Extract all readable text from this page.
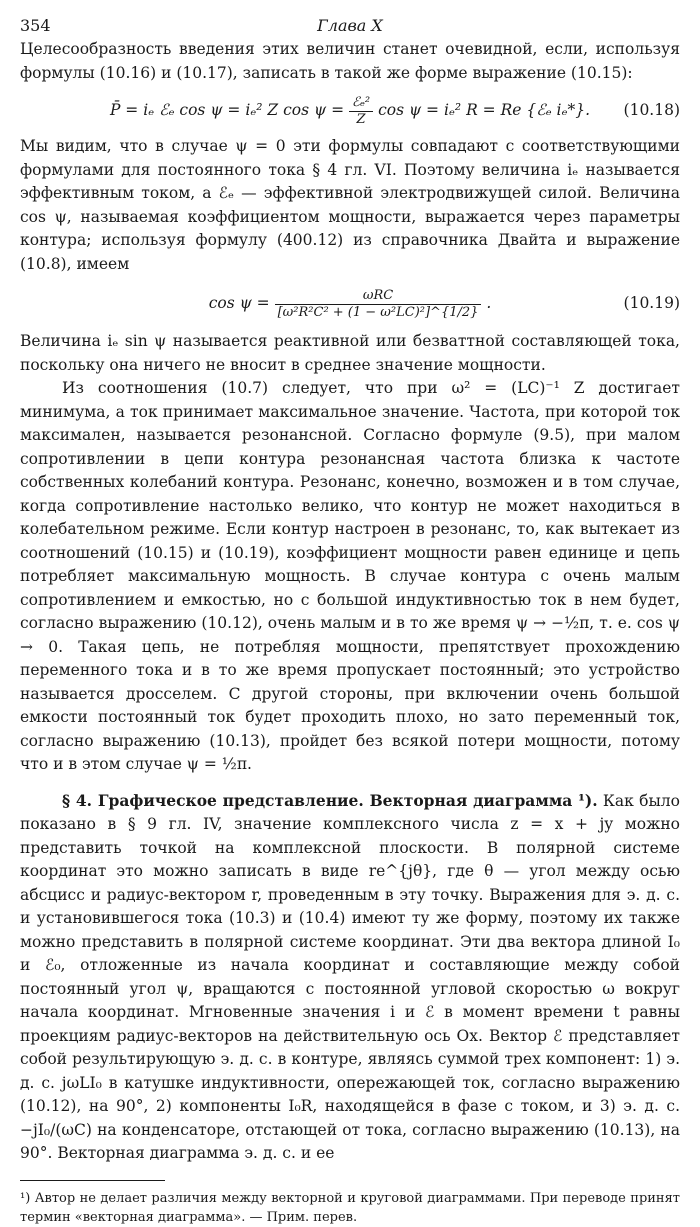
354	Глава X

Целесообразность введения этих величин станет очевидной, если, используя формулы (10.16) и (10.17), записать в такой же форме выражение (10.15):

P̄ = iₑ ℰₑ cos ψ = iₑ² Z $\cos \psi = \frac{\text{ℰₑ²}}{Z}$ cos ψ = iₑ² R = Re {ℰₑ iₑ*}. (10.18)

Мы видим, что в случае ψ = 0 эти формулы совпадают с соответствующими формулами для постоянного тока § 4 гл. VI. Поэтому величина iₑ называется эффективным током, а ℰₑ — эффективной электродвижущей силой. Величина cos ψ, называемая коэффициентом мощности, выражается через параметры контура; используя формулу (400.12) из справочника Двайта и выражение (10.8), имеем

$\cos \psi = \frac{\text{ωRC}}{\text{[ω²R²C² + (1 − ω²LC)²]\textasciicircum{}\{1/2\}}}$ .	(10.19)

Величина iₑ sin ψ называется реактивной или безваттной составляющей тока, поскольку она ничего не вносит в среднее значение мощности.

Из соотношения (10.7) следует, что при ω² = (LC)⁻¹ Z достигает минимума, а ток принимает максимальное значение. Частота, при которой ток максимален, называется резонансной. Согласно формуле (9.5), при малом сопротивлении в цепи контура резонансная частота близка к частоте собственных колебаний контура. Резонанс, конечно, возможен и в том случае, когда сопротивление настолько велико, что контур не может находиться в колебательном режиме. Если контур настроен в резонанс, то, как вытекает из соотношений (10.15) и (10.19), коэффициент мощности равен единице и цепь потребляет максимальную мощность. В случае контура с очень малым сопротивлением и емкостью, но с большой индуктивностью ток в нем будет, согласно выражению (10.12), очень малым и в то же время ψ → −½π, т. е. cos ψ → 0. Такая цепь, не потребляя мощности, препятствует прохождению переменного тока и в то же время пропускает постоянный; это устройство называется дросселем. С другой стороны, при включении очень большой емкости постоянный ток будет проходить плохо, но зато переменный ток, согласно выражению (10.13), пройдет без всякой потери мощности, потому что и в этом случае ψ = ½π.

§ 4. Графическое представление. Векторная диаграмма ¹). Как было показано в § 9 гл. IV, значение комплексного числа z = x + jy можно представить точкой на комплексной плоскости. В полярной системе координат это можно записать в виде re^{jθ}, где θ — угол между осью абсцисс и радиус-вектором r, проведенным в эту точку. Выражения для э. д. с. и установившегося тока (10.3) и (10.4) имеют ту же форму, поэтому их также можно представить в полярной системе координат. Эти два вектора длиной I₀ и ℰ₀, отложенные из начала координат и составляющие между собой постоянный угол ψ, вращаются с постоянной угловой скоростью ω вокруг начала координат. Мгновенные значения i и ℰ в момент времени t равны проекциям радиус-векторов на действительную ось Ox. Вектор ℰ представляет собой результирующую э. д. с. в контуре, являясь суммой трех компонент: 1) э. д. с. jωLI₀ в катушке индуктивности, опережающей ток, согласно выражению (10.12), на 90°, 2) компоненты I₀R, находящейся в фазе с током, и 3) э. д. с. −jI₀/(ωC) на конденсаторе, отстающей от тока, согласно выражению (10.13), на 90°. Векторная диаграмма э. д. с. и ее

¹) Автор не делает различия между векторной и круговой диаграммами. При переводе принят термин «векторная диаграмма». — Прим. перев.
